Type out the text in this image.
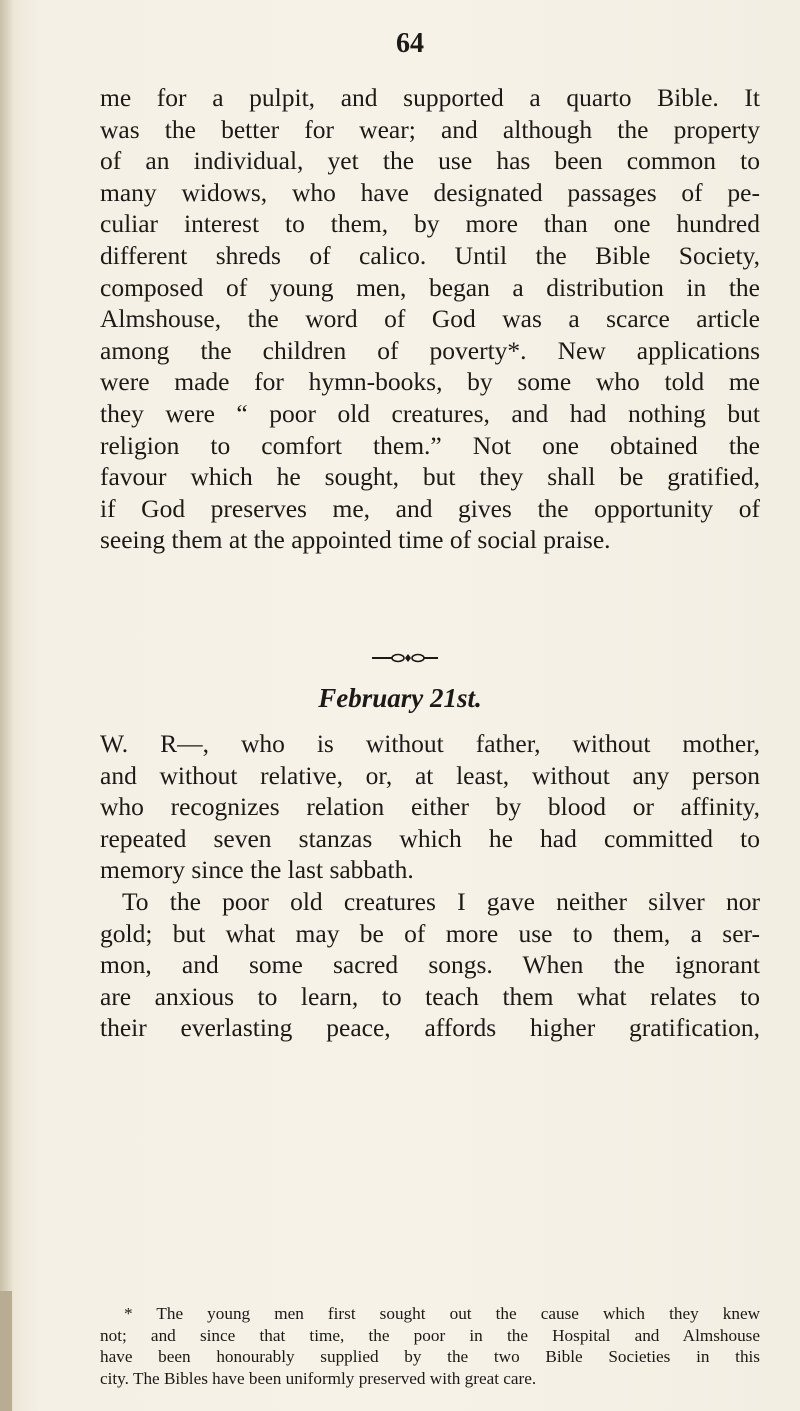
64
me for a pulpit, and supported a quarto Bible. It
was the better for wear; and although the property
of an individual, yet the use has been common to
many widows, who have designated passages of pe-
culiar interest to them, by more than one hundred
different shreds of calico. Until the Bible Society,
composed of young men, began a distribution in the
Almshouse, the word of God was a scarce article
among the children of poverty*. New applications
were made for hymn-books, by some who told me
they were “ poor old creatures, and had nothing but
religion to comfort them.” Not one obtained the
favour which he sought, but they shall be gratified,
if God preserves me, and gives the opportunity of
seeing them at the appointed time of social praise.
February 21st.
W. R—, who is without father, without mother,
and without relative, or, at least, without any person
who recognizes relation either by blood or affinity,
repeated seven stanzas which he had committed to
memory since the last sabbath.
To the poor old creatures I gave neither silver nor
gold; but what may be of more use to them, a ser-
mon, and some sacred songs. When the ignorant
are anxious to learn, to teach them what relates to
their everlasting peace, affords higher gratification,
* The young men first sought out the cause which they knew
not; and since that time, the poor in the Hospital and Almshouse
have been honourably supplied by the two Bible Societies in this
city. The Bibles have been uniformly preserved with great care.
